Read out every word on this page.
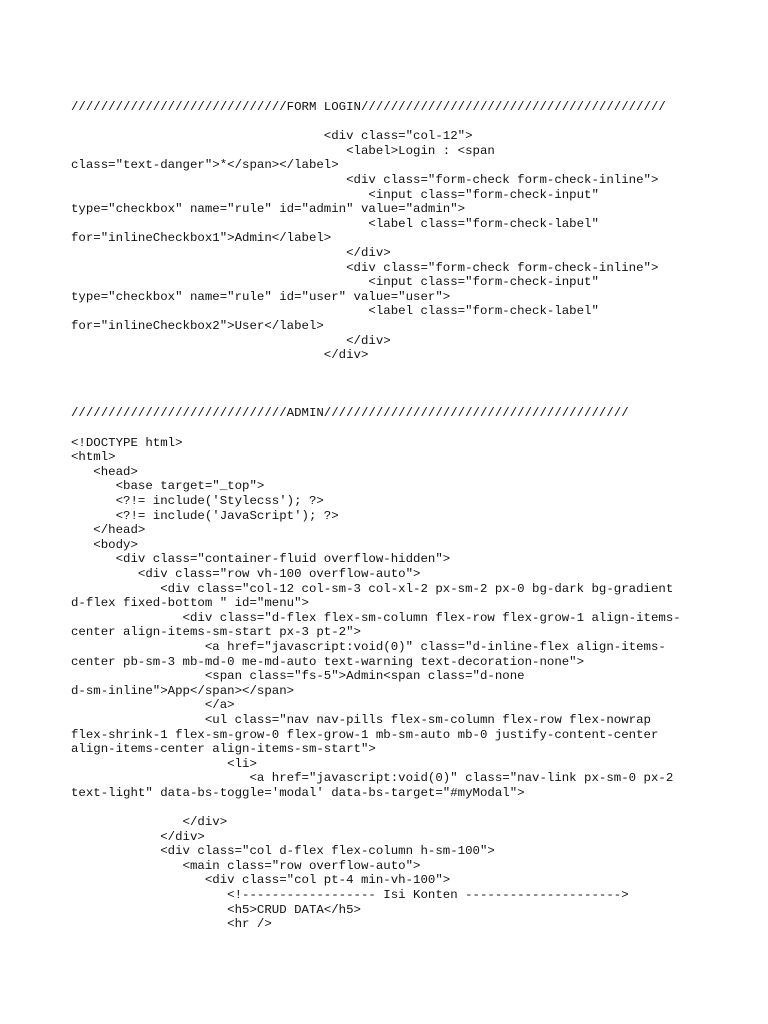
/////////////////////////////FORM LOGIN/////////////////////////////////////////
<div class="col-12">
<label>Login : <span
class="text-danger">*</span></label>
<div class="form-check form-check-inline">
<input class="form-check-input"
type="checkbox" name="rule" id="admin" value="admin">
<label class="form-check-label"
for="inlineCheckbox1">Admin</label>
</div>
<div class="form-check form-check-inline">
<input class="form-check-input"
type="checkbox" name="rule" id="user" value="user">
<label class="form-check-label"
for="inlineCheckbox2">User</label>
</div>
</div>
/////////////////////////////ADMIN/////////////////////////////////////////
<!DOCTYPE html>
<html>
<head>
<base target="_top">
<?!= include('Stylecss'); ?>
<?!= include('JavaScript'); ?>
</head>
<body>
<div class="container-fluid overflow-hidden">
<div class="row vh-100 overflow-auto">
<div class="col-12 col-sm-3 col-xl-2 px-sm-2 px-0 bg-dark bg-gradient
d-flex fixed-bottom " id="menu">
<div class="d-flex flex-sm-column flex-row flex-grow-1 align-items-
center align-items-sm-start px-3 pt-2">
<a href="javascript:void(0)" class="d-inline-flex align-items-
center pb-sm-3 mb-md-0 me-md-auto text-warning text-decoration-none">
<span class="fs-5">Admin<span class="d-none
d-sm-inline">App</span></span>
</a>
<ul class="nav nav-pills flex-sm-column flex-row flex-nowrap
flex-shrink-1 flex-sm-grow-0 flex-grow-1 mb-sm-auto mb-0 justify-content-center
align-items-center align-items-sm-start">
<li>
<a href="javascript:void(0)" class="nav-link px-sm-0 px-2
text-light" data-bs-toggle='modal' data-bs-target="#myModal">
</div>
</div>
<div class="col d-flex flex-column h-sm-100">
<main class="row overflow-auto">
<div class="col pt-4 min-vh-100">
<!------------------ Isi Konten --------------------->
<h5>CRUD DATA</h5>
<hr />
